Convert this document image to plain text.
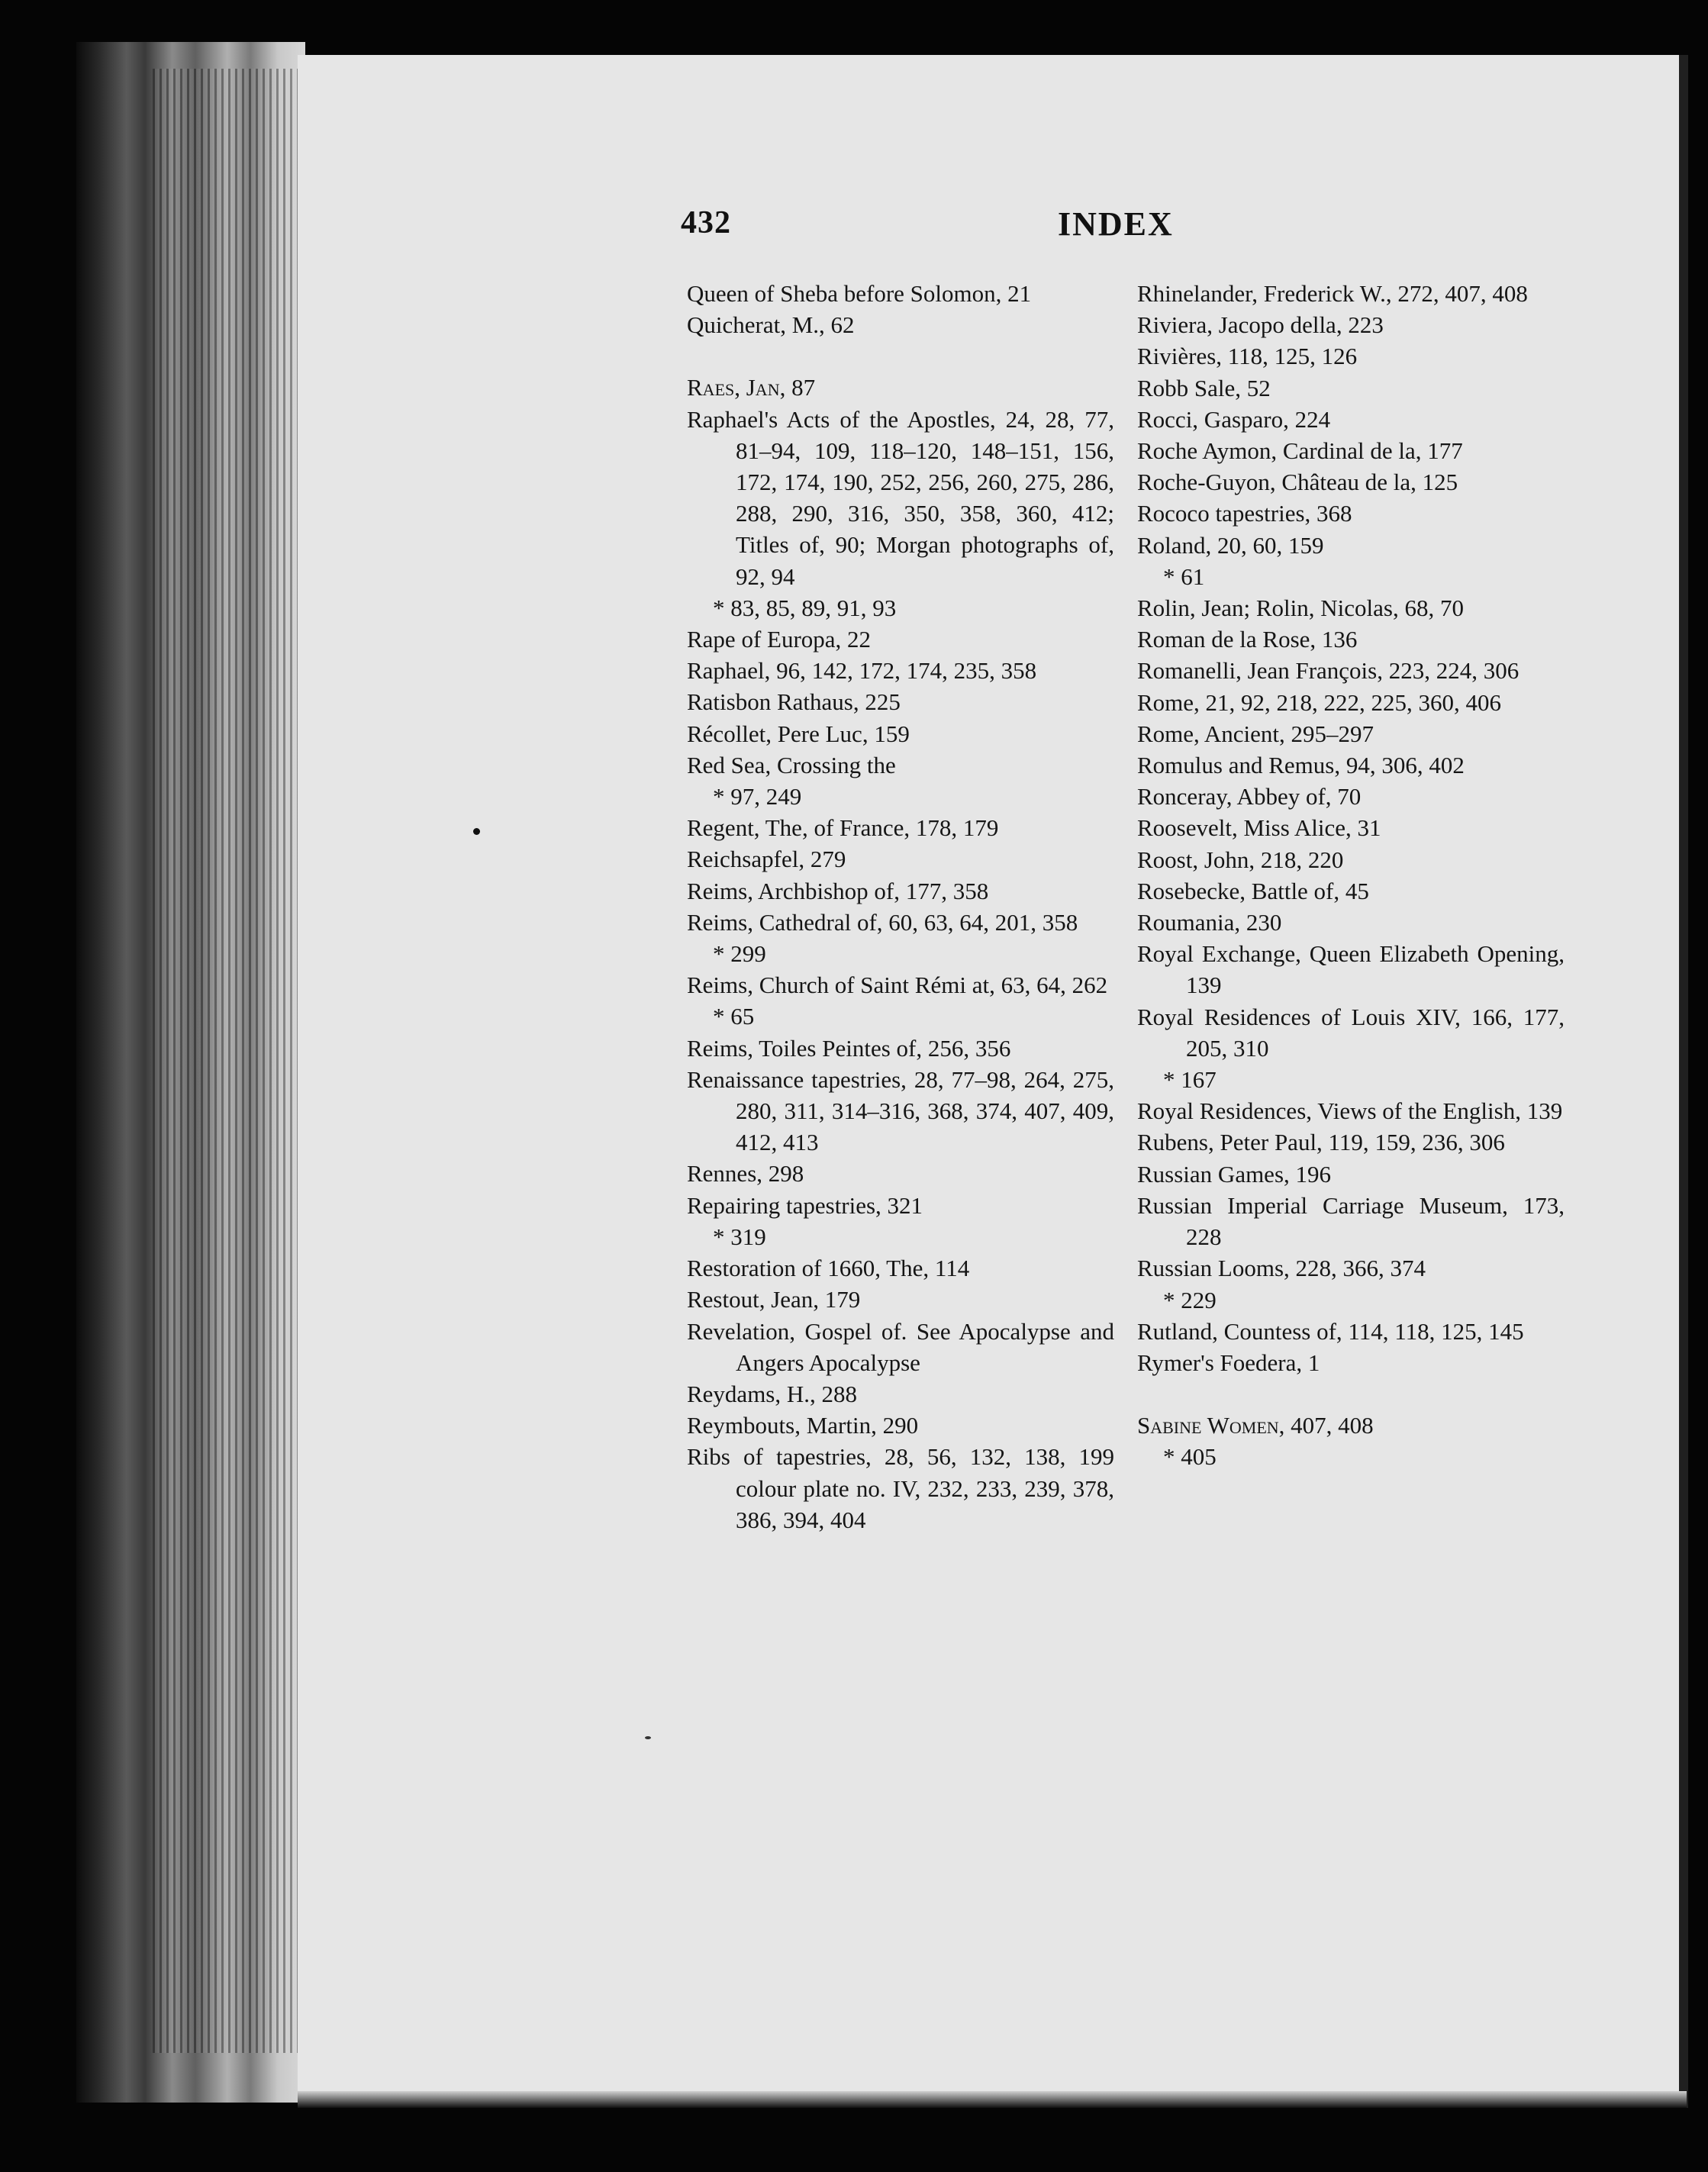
432	INDEX

Queen of Sheba before Solomon, 21

Quicherat, M., 62

Raes, Jan, 87

Raphael's Acts of the Apostles, 24, 28, 77, 81–94, 109, 118–120, 148–151, 156, 172, 174, 190, 252, 256, 260, 275, 286, 288, 290, 316, 350, 358, 360, 412; Titles of, 90; Morgan photographs of, 92, 94

* 83, 85, 89, 91, 93

Rape of Europa, 22

Raphael, 96, 142, 172, 174, 235, 358

Ratisbon Rathaus, 225

Récollet, Pere Luc, 159

Red Sea, Crossing the

* 97, 249

Regent, The, of France, 178, 179

Reichsapfel, 279

Reims, Archbishop of, 177, 358

Reims, Cathedral of, 60, 63, 64, 201, 358

* 299

Reims, Church of Saint Rémi at, 63, 64, 262

* 65

Reims, Toiles Peintes of, 256, 356

Renaissance tapestries, 28, 77–98, 264, 275, 280, 311, 314–316, 368, 374, 407, 409, 412, 413

Rennes, 298

Repairing tapestries, 321

* 319

Restoration of 1660, The, 114

Restout, Jean, 179

Revelation, Gospel of. See Apocalypse and Angers Apocalypse

Reydams, H., 288

Reymbouts, Martin, 290

Ribs of tapestries, 28, 56, 132, 138, 199 colour plate no. IV, 232, 233, 239, 378, 386, 394, 404

Rhinelander, Frederick W., 272, 407, 408

Riviera, Jacopo della, 223

Rivières, 118, 125, 126

Robb Sale, 52

Rocci, Gasparo, 224

Roche Aymon, Cardinal de la, 177

Roche-Guyon, Château de la, 125

Rococo tapestries, 368

Roland, 20, 60, 159

* 61

Rolin, Jean; Rolin, Nicolas, 68, 70

Roman de la Rose, 136

Romanelli, Jean François, 223, 224, 306

Rome, 21, 92, 218, 222, 225, 360, 406

Rome, Ancient, 295–297

Romulus and Remus, 94, 306, 402

Ronceray, Abbey of, 70

Roosevelt, Miss Alice, 31

Roost, John, 218, 220

Rosebecke, Battle of, 45

Roumania, 230

Royal Exchange, Queen Elizabeth Opening, 139

Royal Residences of Louis XIV, 166, 177, 205, 310

* 167

Royal Residences, Views of the English, 139

Rubens, Peter Paul, 119, 159, 236, 306

Russian Games, 196

Russian Imperial Carriage Museum, 173, 228

Russian Looms, 228, 366, 374

* 229

Rutland, Countess of, 114, 118, 125, 145

Rymer's Foedera, 1

Sabine Women, 407, 408

* 405
